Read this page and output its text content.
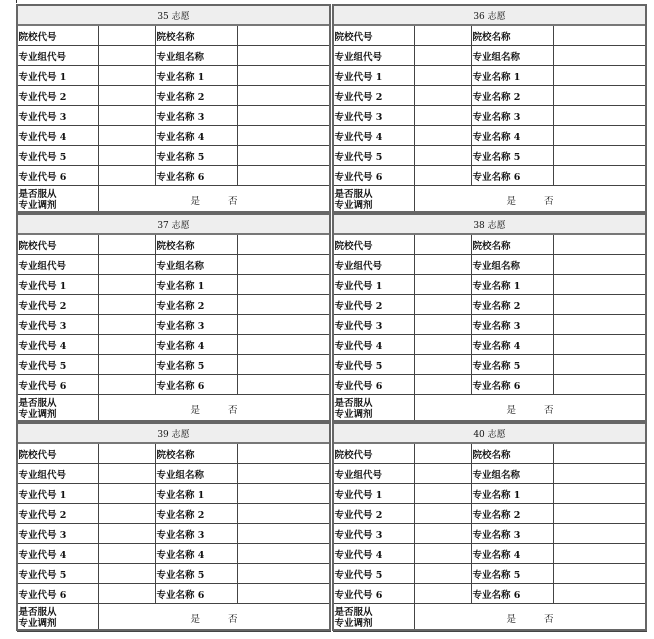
35 志愿			
院校代号		院校名称	
专业组代号		专业组名称	
专业代号 1		专业名称 1	
专业代号 2		专业名称 2	
专业代号 3		专业名称 3	
专业代号 4		专业名称 4	
专业代号 5		专业名称 5	
专业代号 6		专业名称 6	
是否服从
专业调剂	是 否		
36 志愿			
院校代号		院校名称	
专业组代号		专业组名称	
专业代号 1		专业名称 1	
专业代号 2		专业名称 2	
专业代号 3		专业名称 3	
专业代号 4		专业名称 4	
专业代号 5		专业名称 5	
专业代号 6		专业名称 6	
是否服从
专业调剂	是 否		
37 志愿			
院校代号		院校名称	
专业组代号		专业组名称	
专业代号 1		专业名称 1	
专业代号 2		专业名称 2	
专业代号 3		专业名称 3	
专业代号 4		专业名称 4	
专业代号 5		专业名称 5	
专业代号 6		专业名称 6	
是否服从
专业调剂	是 否		
38 志愿			
院校代号		院校名称	
专业组代号		专业组名称	
专业代号 1		专业名称 1	
专业代号 2		专业名称 2	
专业代号 3		专业名称 3	
专业代号 4		专业名称 4	
专业代号 5		专业名称 5	
专业代号 6		专业名称 6	
是否服从
专业调剂	是 否		
39 志愿			
院校代号		院校名称	
专业组代号		专业组名称	
专业代号 1		专业名称 1	
专业代号 2		专业名称 2	
专业代号 3		专业名称 3	
专业代号 4		专业名称 4	
专业代号 5		专业名称 5	
专业代号 6		专业名称 6	
是否服从
专业调剂	是 否		
40 志愿			
院校代号		院校名称	
专业组代号		专业组名称	
专业代号 1		专业名称 1	
专业代号 2		专业名称 2	
专业代号 3		专业名称 3	
专业代号 4		专业名称 4	
专业代号 5		专业名称 5	
专业代号 6		专业名称 6	
是否服从
专业调剂	是 否		
